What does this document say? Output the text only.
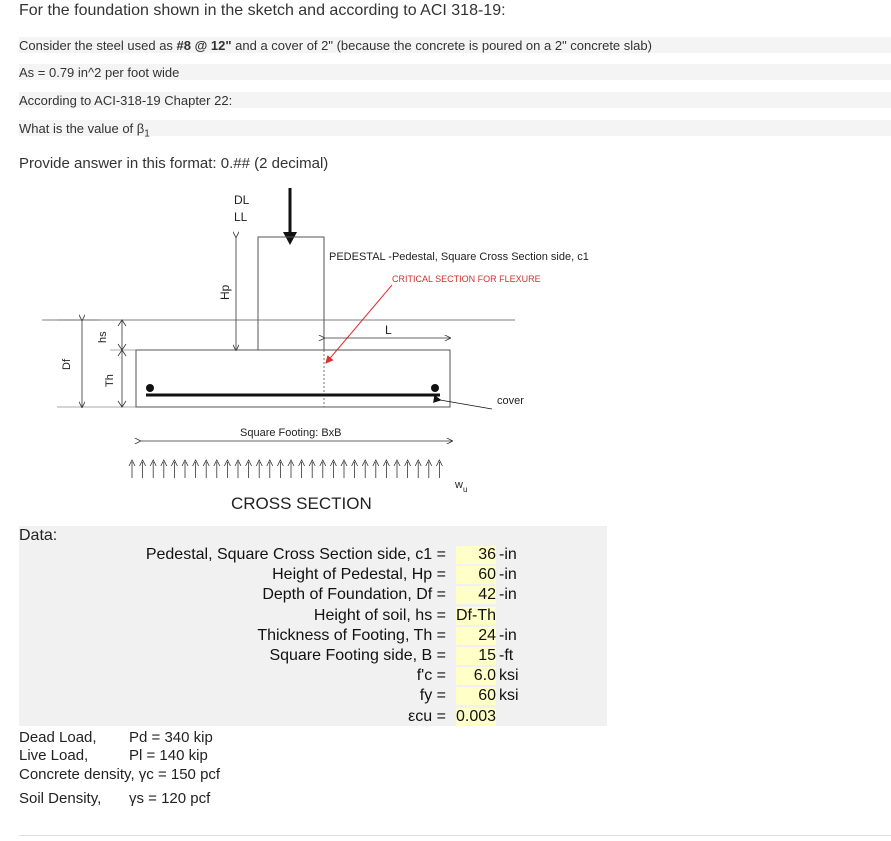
For the foundation shown in the sketch and according to ACI 318-19:
Consider the steel used as #8 @ 12" and a cover of 2" (because the concrete is poured on a 2" concrete slab)
As = 0.79 in^2 per foot wide
According to ACI-318-19 Chapter 22:
What is the value of $\beta_1$
Provide answer in this format: 0.## (2 decimal)
DL
LL
Hp
PEDESTAL -Pedestal, Square Cross Section side, c1
CRITICAL SECTION FOR FLEXURE
L
cover
Df
hs
Th
Square Footing: BxB
$w_u$
CROSS SECTION
Data:
Pedestal, Square Cross Section side, c1 =	36 -in
Height of Pedestal, Hp =	60 -in
Depth of Foundation, Df =	42 -in
Height of soil, hs = Df-Th
Thickness of Footing, Th =	24 -in
Square Footing side, B =	15 -ft
f'c =	6.0 ksi
fy =	60 ksi
εcu = 0.003
Dead Load, Pd = 340 kip
Live Load,	Pl = 140 kip
Concrete density, γc = 150 pcf
Soil Density, γs = 120 pcf
